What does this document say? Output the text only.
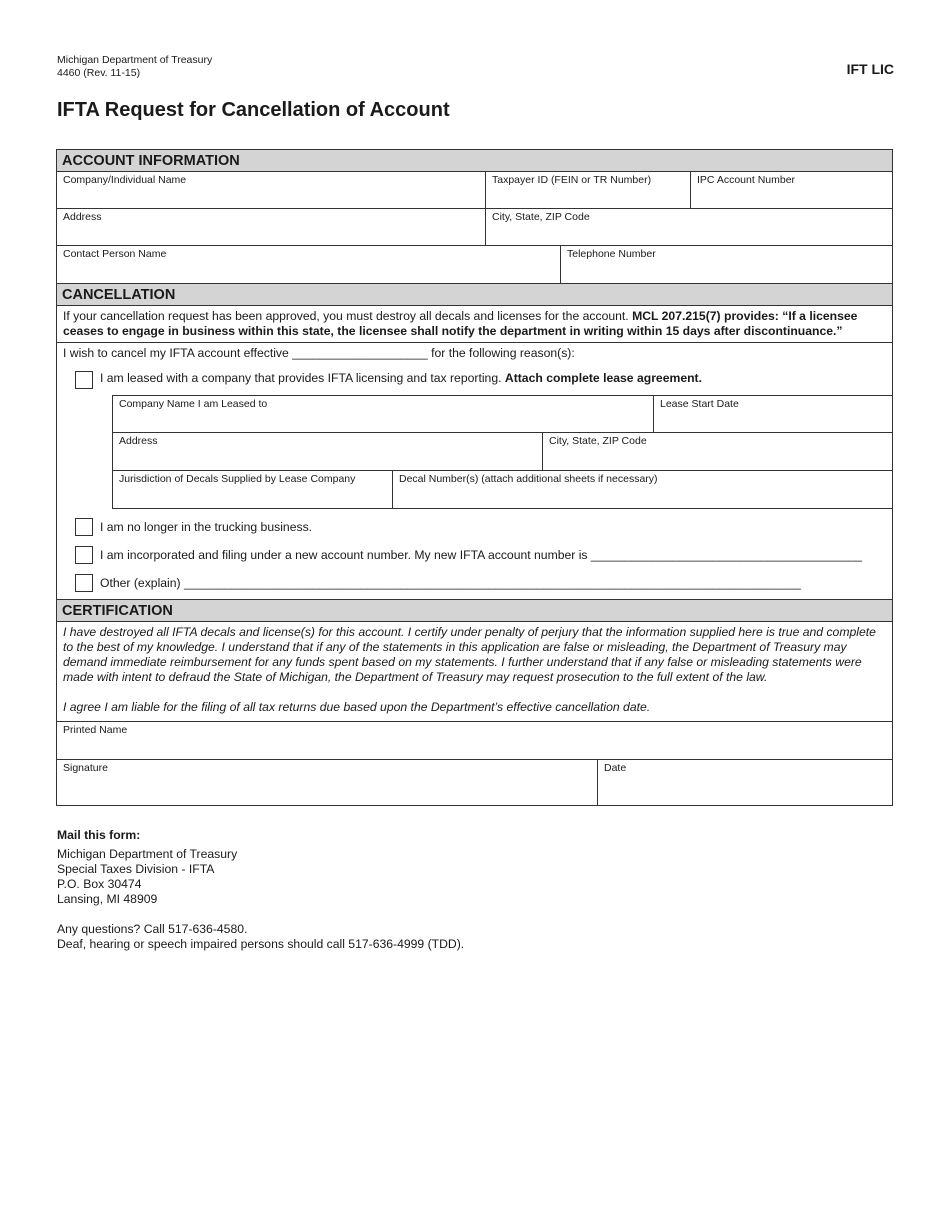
Michigan Department of Treasury
4460 (Rev. 11-15)	IFT LIC
IFTA Request for Cancellation of Account
ACCOUNT INFORMATION
Company/Individual Name	Taxpayer ID (FEIN or TR Number)	IPC Account Number
Address	City, State, ZIP Code
Contact Person Name	Telephone Number
CANCELLATION
If your cancellation request has been approved, you must destroy all decals and licenses for the account. MCL 207.215(7) provides: “If a licensee ceases to engage in business within this state, the licensee shall notify the department in writing within 15 days after discontinuance.”
I wish to cancel my IFTA account effective ____________________ for the following reason(s):
I am leased with a company that provides IFTA licensing and tax reporting. Attach complete lease agreement.
Company Name I am Leased to	Lease Start Date
Address	City, State, ZIP Code
Jurisdiction of Decals Supplied by Lease Company	Decal Number(s) (attach additional sheets if necessary)
I am no longer in the trucking business.
I am incorporated and filing under a new account number. My new IFTA account number is ________________________________________
Other (explain) ___________________________________________________________________________________________
CERTIFICATION

I have destroyed all IFTA decals and license(s) for this account. I certify under penalty of perjury that the information supplied here is true and complete to the best of my knowledge. I understand that if any of the statements in this application are false or misleading, the Department of Treasury may demand immediate reimbursement for any funds spent based on my statements. I further understand that if any false or misleading statements were made with intent to defraud the State of Michigan, the Department of Treasury may request prosecution to the full extent of the law.

I agree I am liable for the filing of all tax returns due based upon the Department’s effective cancellation date.

Printed Name
Signature	Date
Mail this form:
Michigan Department of Treasury
Special Taxes Division - IFTA
P.O. Box 30474
Lansing, MI 48909
Any questions? Call 517-636-4580.
Deaf, hearing or speech impaired persons should call 517-636-4999 (TDD).
